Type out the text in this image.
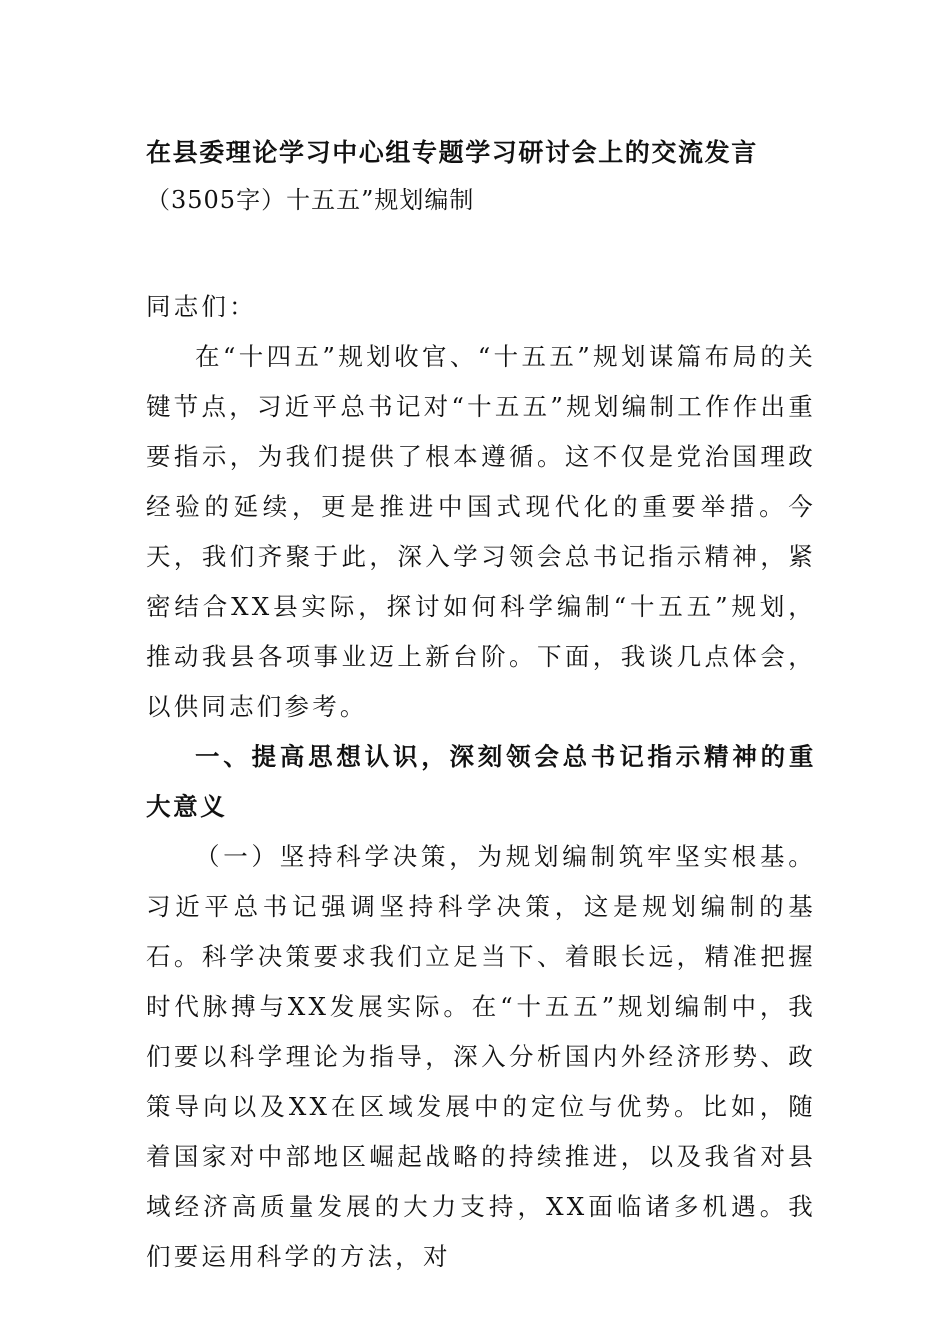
在县委理论学习中心组专题学习研讨会上的交流发言
（3505字）十五五”规划编制

同志们：

在“十四五”规划收官、“十五五”规划谋篇布局的关键节点，习近平总书记对“十五五”规划编制工作作出重要指示，为我们提供了根本遵循。这不仅是党治国理政经验的延续，更是推进中国式现代化的重要举措。今天，我们齐聚于此，深入学习领会总书记指示精神，紧密结合XX县实际，探讨如何科学编制“十五五”规划，推动我县各项事业迈上新台阶。下面，我谈几点体会，以供同志们参考。

一、提高思想认识，深刻领会总书记指示精神的重大意义

（一）坚持科学决策，为规划编制筑牢坚实根基。习近平总书记强调坚持科学决策，这是规划编制的基石。科学决策要求我们立足当下、着眼长远，精准把握时代脉搏与XX发展实际。在“十五五”规划编制中，我们要以科学理论为指导，深入分析国内外经济形势、政策导向以及XX在区域发展中的定位与优势。比如，随着国家对中部地区崛起战略的持续推进，以及我省对县域经济高质量发展的大力支持，XX面临诸多机遇。我们要运用科学的方法，对
